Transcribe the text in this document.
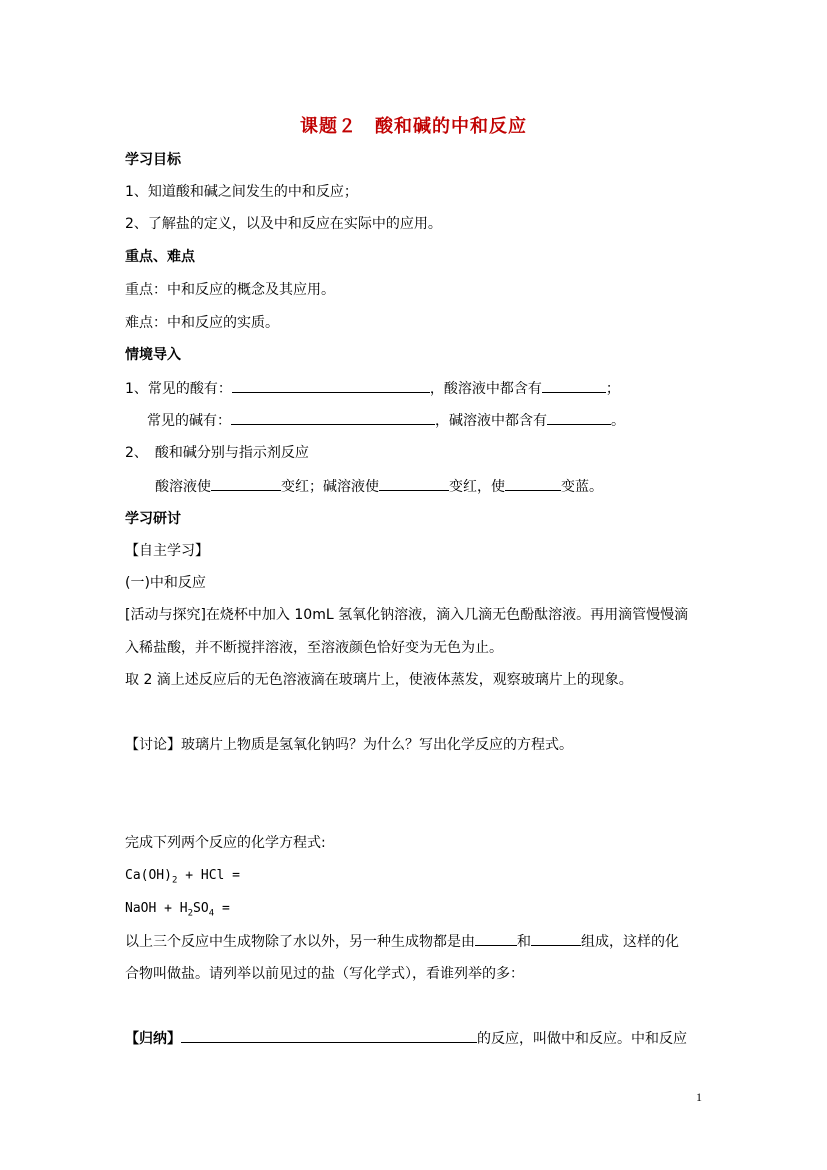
课题２ 酸和碱的中和反应
学习目标
1、知道酸和碱之间发生的中和反应；
2、了解盐的定义，以及中和反应在实际中的应用。
重点、难点
重点：中和反应的概念及其应用。
难点：中和反应的实质。
情境导入
1、常见的酸有：	，酸溶液中都含有	；
常见的碱有：	，碱溶液中都含有	。
2、　酸和碱分别与指示剂反应
酸溶液使	变红；碱溶液使	变红，使	变蓝。
学习研讨
【自主学习】
(一)中和反应
[活动与探究]在烧杯中加入 10mL 氢氧化钠溶液，滴入几滴无色酚酞溶液。再用滴管慢慢滴
入稀盐酸，并不断搅拌溶液，至溶液颜色恰好变为无色为止。
取 2 滴上述反应后的无色溶液滴在玻璃片上，使液体蒸发，观察玻璃片上的现象。
【讨论】玻璃片上物质是氢氧化钠吗？为什么？写出化学反应的方程式。
完成下列两个反应的化学方程式:
$Ca(OH)_2$ + HCl =
NaOH + $H_2SO_4$ =
以上三个反应中生成物除了水以外，另一种生成物都是由	和	组成，这样的化
合物叫做盐。请列举以前见过的盐（写化学式），看谁列举的多：
【归纳】	的反应，叫做中和反应。中和反应
1
